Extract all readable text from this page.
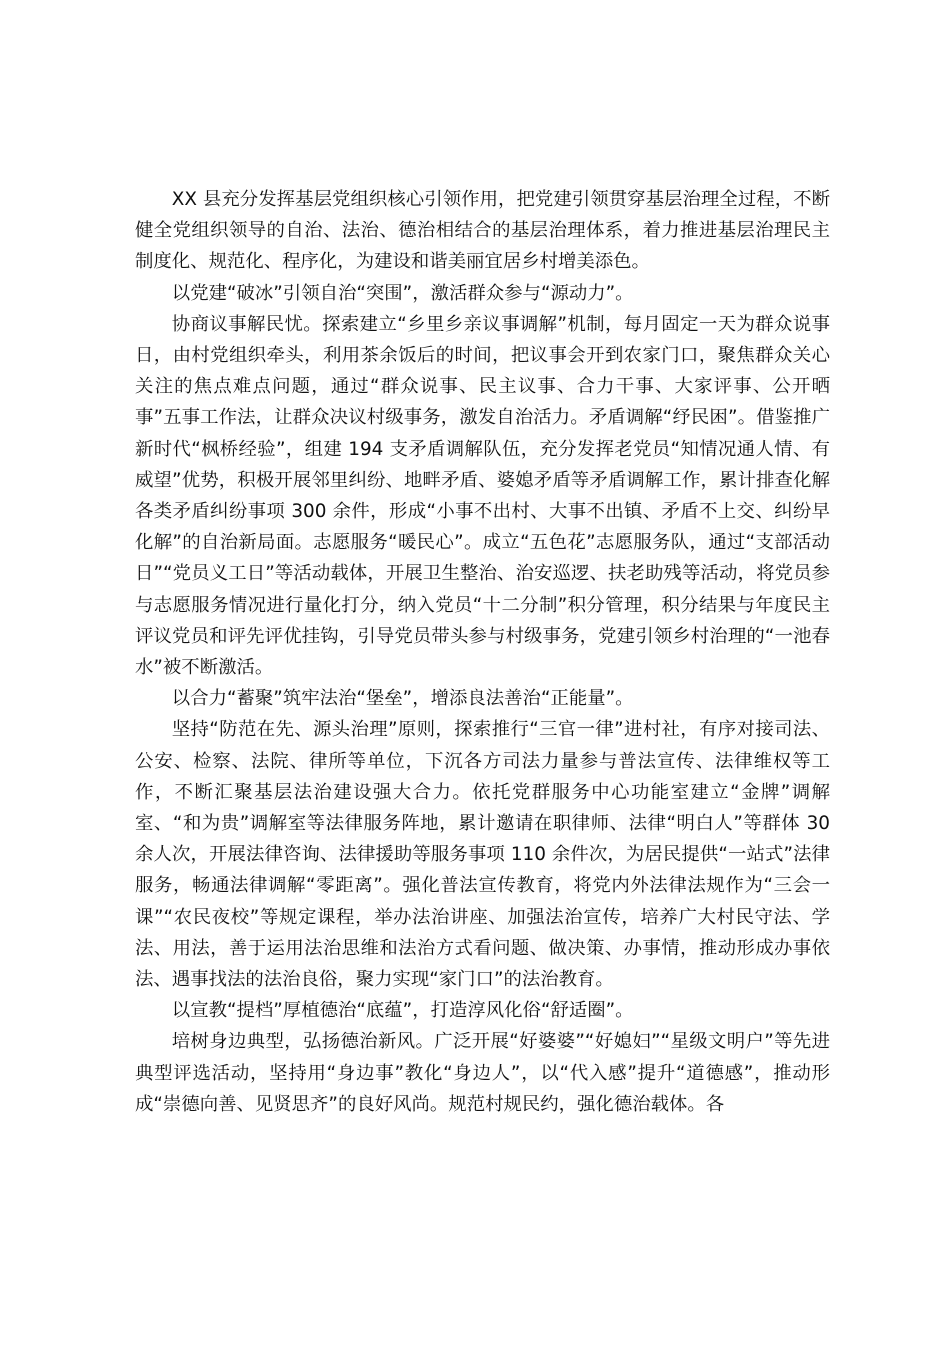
XX 县充分发挥基层党组织核心引领作用，把党建引领贯穿基层治理全过程，不断健全党组织领导的自治、法治、德治相结合的基层治理体系，着力推进基层治理民主制度化、规范化、程序化，为建设和谐美丽宜居乡村增美添色。

以党建“破冰”引领自治“突围”，激活群众参与“源动力”。

协商议事解民忧。探索建立“乡里乡亲议事调解”机制，每月固定一天为群众说事日，由村党组织牵头，利用茶余饭后的时间，把议事会开到农家门口，聚焦群众关心关注的焦点难点问题，通过“群众说事、民主议事、合力干事、大家评事、公开晒事”五事工作法，让群众决议村级事务，激发自治活力。矛盾调解“纾民困”。借鉴推广新时代“枫桥经验”，组建 194 支矛盾调解队伍，充分发挥老党员“知情况通人情、有威望”优势，积极开展邻里纠纷、地畔矛盾、婆媳矛盾等矛盾调解工作，累计排查化解各类矛盾纠纷事项 300 余件，形成“小事不出村、大事不出镇、矛盾不上交、纠纷早化解”的自治新局面。志愿服务“暖民心”。成立“五色花”志愿服务队，通过“支部活动日”“党员义工日”等活动载体，开展卫生整治、治安巡逻、扶老助残等活动，将党员参与志愿服务情况进行量化打分，纳入党员“十二分制”积分管理，积分结果与年度民主评议党员和评先评优挂钩，引导党员带头参与村级事务，党建引领乡村治理的“一池春水”被不断激活。

以合力“蓄聚”筑牢法治“堡垒”，增添良法善治“正能量”。

坚持“防范在先、源头治理”原则，探索推行“三官一律”进村社，有序对接司法、公安、检察、法院、律所等单位，下沉各方司法力量参与普法宣传、法律维权等工作，不断汇聚基层法治建设强大合力。依托党群服务中心功能室建立“金牌”调解室、“和为贵”调解室等法律服务阵地，累计邀请在职律师、法律“明白人”等群体 30 余人次，开展法律咨询、法律援助等服务事项 110 余件次，为居民提供“一站式”法律服务，畅通法律调解“零距离”。强化普法宣传教育，将党内外法律法规作为“三会一课”“农民夜校”等规定课程，举办法治讲座、加强法治宣传，培养广大村民守法、学法、用法，善于运用法治思维和法治方式看问题、做决策、办事情，推动形成办事依法、遇事找法的法治良俗，聚力实现“家门口”的法治教育。

以宣教“提档”厚植德治“底蕴”，打造淳风化俗“舒适圈”。

培树身边典型，弘扬德治新风。广泛开展“好婆婆”“好媳妇”“星级文明户”等先进典型评选活动，坚持用“身边事”教化“身边人”，以“代入感”提升“道德感”，推动形成“崇德向善、见贤思齐”的良好风尚。规范村规民约，强化德治载体。各
